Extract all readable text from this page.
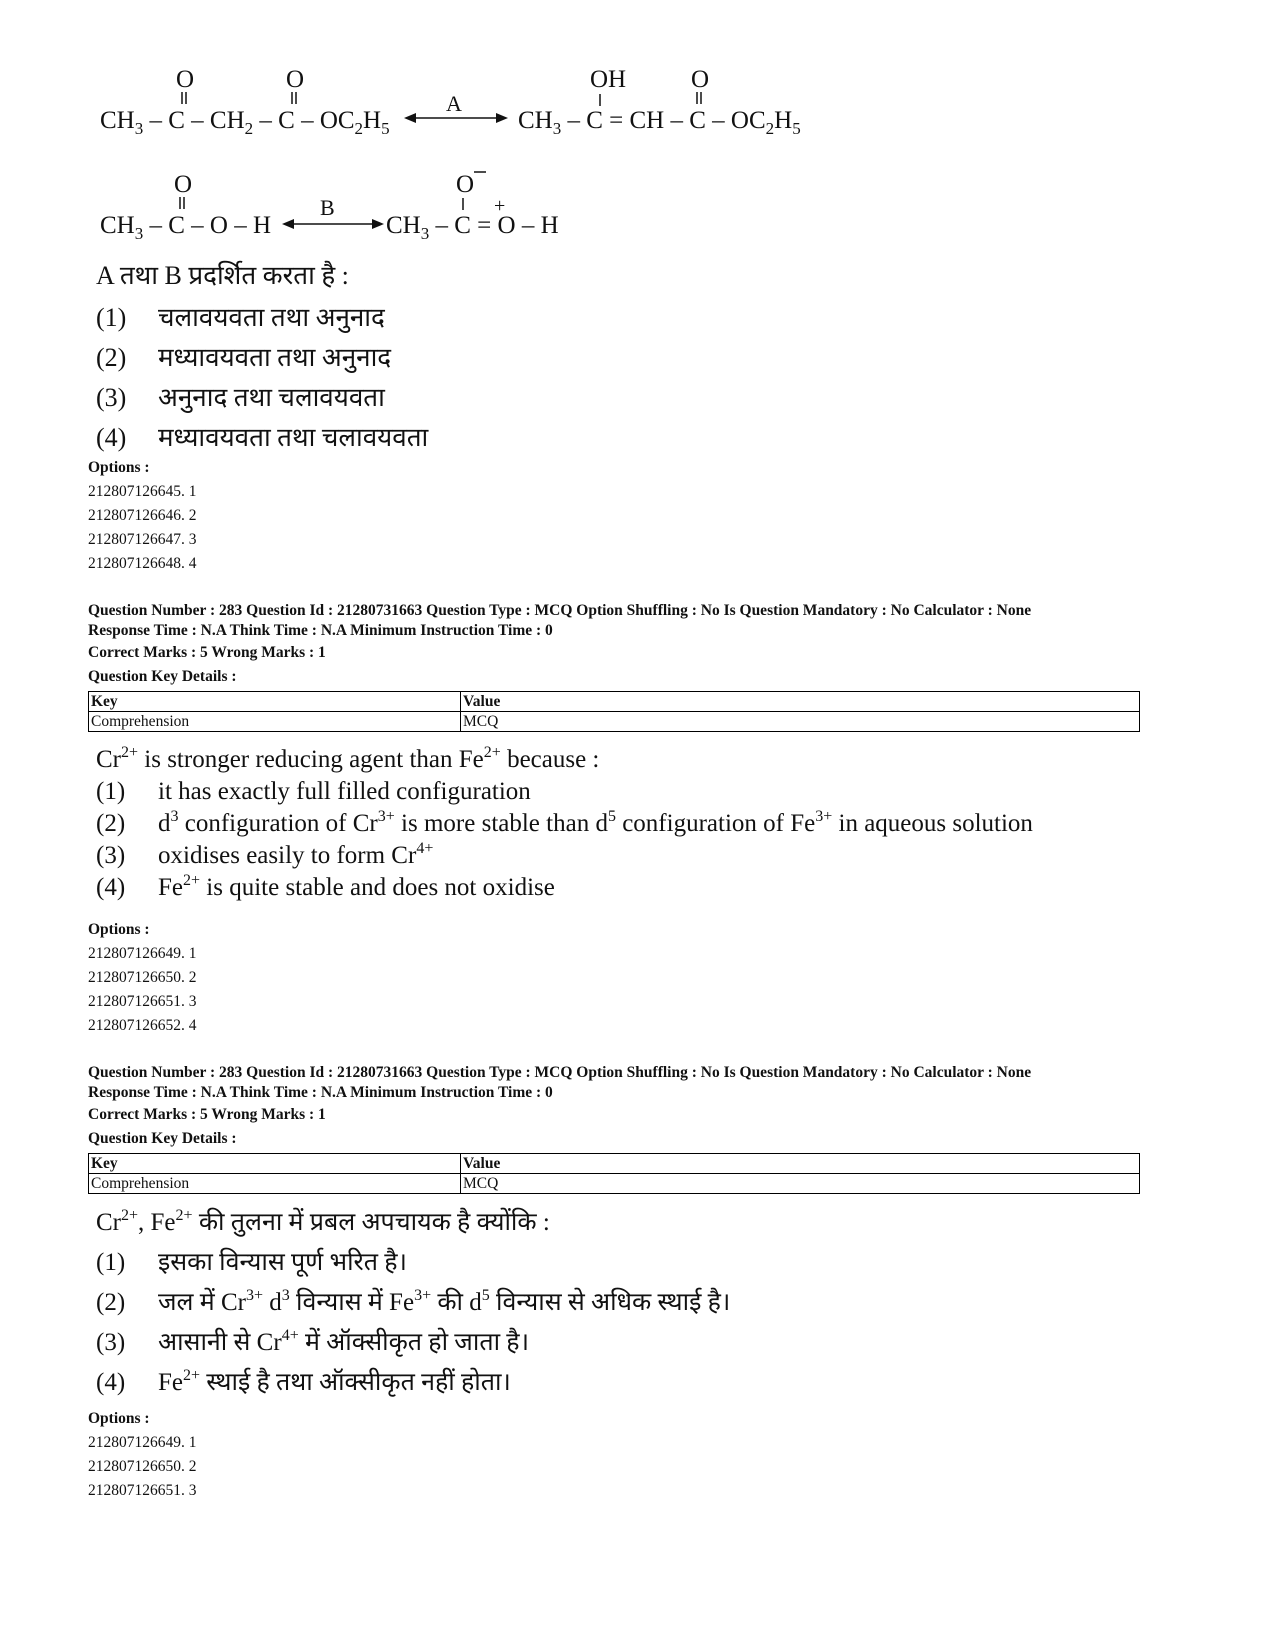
O	O
$CH_3$ – C – $CH_2$ – C – $OC_2H_5$
A
OH	O
$CH_3$ – C = CH – C – $OC_2H_5$
O
$CH_3$ – C – O – H
B
O
+
$CH_3 - C = O - H$
A तथा B प्रदर्शित करता है :
(1) चलावयवता तथा अनुनाद
(2) मध्यावयवता तथा अनुनाद
(3) अनुनाद तथा चलावयवता
(4) मध्यावयवता तथा चलावयवता
Options :
212807126645. 1
212807126646. 2
212807126647. 3
212807126648. 4
Question Number : 283 Question Id : 21280731663 Question Type : MCQ Option Shuffling : No Is Question Mandatory : No Calculator : None
Response Time : N.A Think Time : N.A Minimum Instruction Time : 0
Correct Marks : 5 Wrong Marks : 1
Question Key Details :
Key	Value
Comprehension	MCQ
$Cr^{2+}$ is stronger reducing agent than $Fe^{2+}$ because :
(1) it has exactly full filled configuration
(2) $d^3$ configuration of $Cr^{3+}$ is more stable than $d^5$ configuration of $Fe^{3+}$ in aqueous solution
(3) oxidises easily to form $Cr^{4+}$
(4) $Fe^{2+}$ is quite stable and does not oxidise
Options :
212807126649. 1
212807126650. 2
212807126651. 3
212807126652. 4
Question Number : 283 Question Id : 21280731663 Question Type : MCQ Option Shuffling : No Is Question Mandatory : No Calculator : None
Response Time : N.A Think Time : N.A Minimum Instruction Time : 0
Correct Marks : 5 Wrong Marks : 1
Question Key Details :
Key	Value
Comprehension	MCQ
$Cr^{2+}$, $Fe^{2+}$ की तुलना में प्रबल अपचायक है क्योंकि :
(1) इसका विन्यास पूर्ण भरित है।
(2) जल में $Cr^{3+}$ $d^3$ विन्यास में $Fe^{3+}$ की $d^5$ विन्यास से अधिक स्थाई है।
(3) आसानी से $Cr^{4+}$ में ऑक्सीकृत हो जाता है।
(4) $Fe^{2+}$ स्थाई है तथा ऑक्सीकृत नहीं होता।
Options :
212807126649. 1
212807126650. 2
212807126651. 3
